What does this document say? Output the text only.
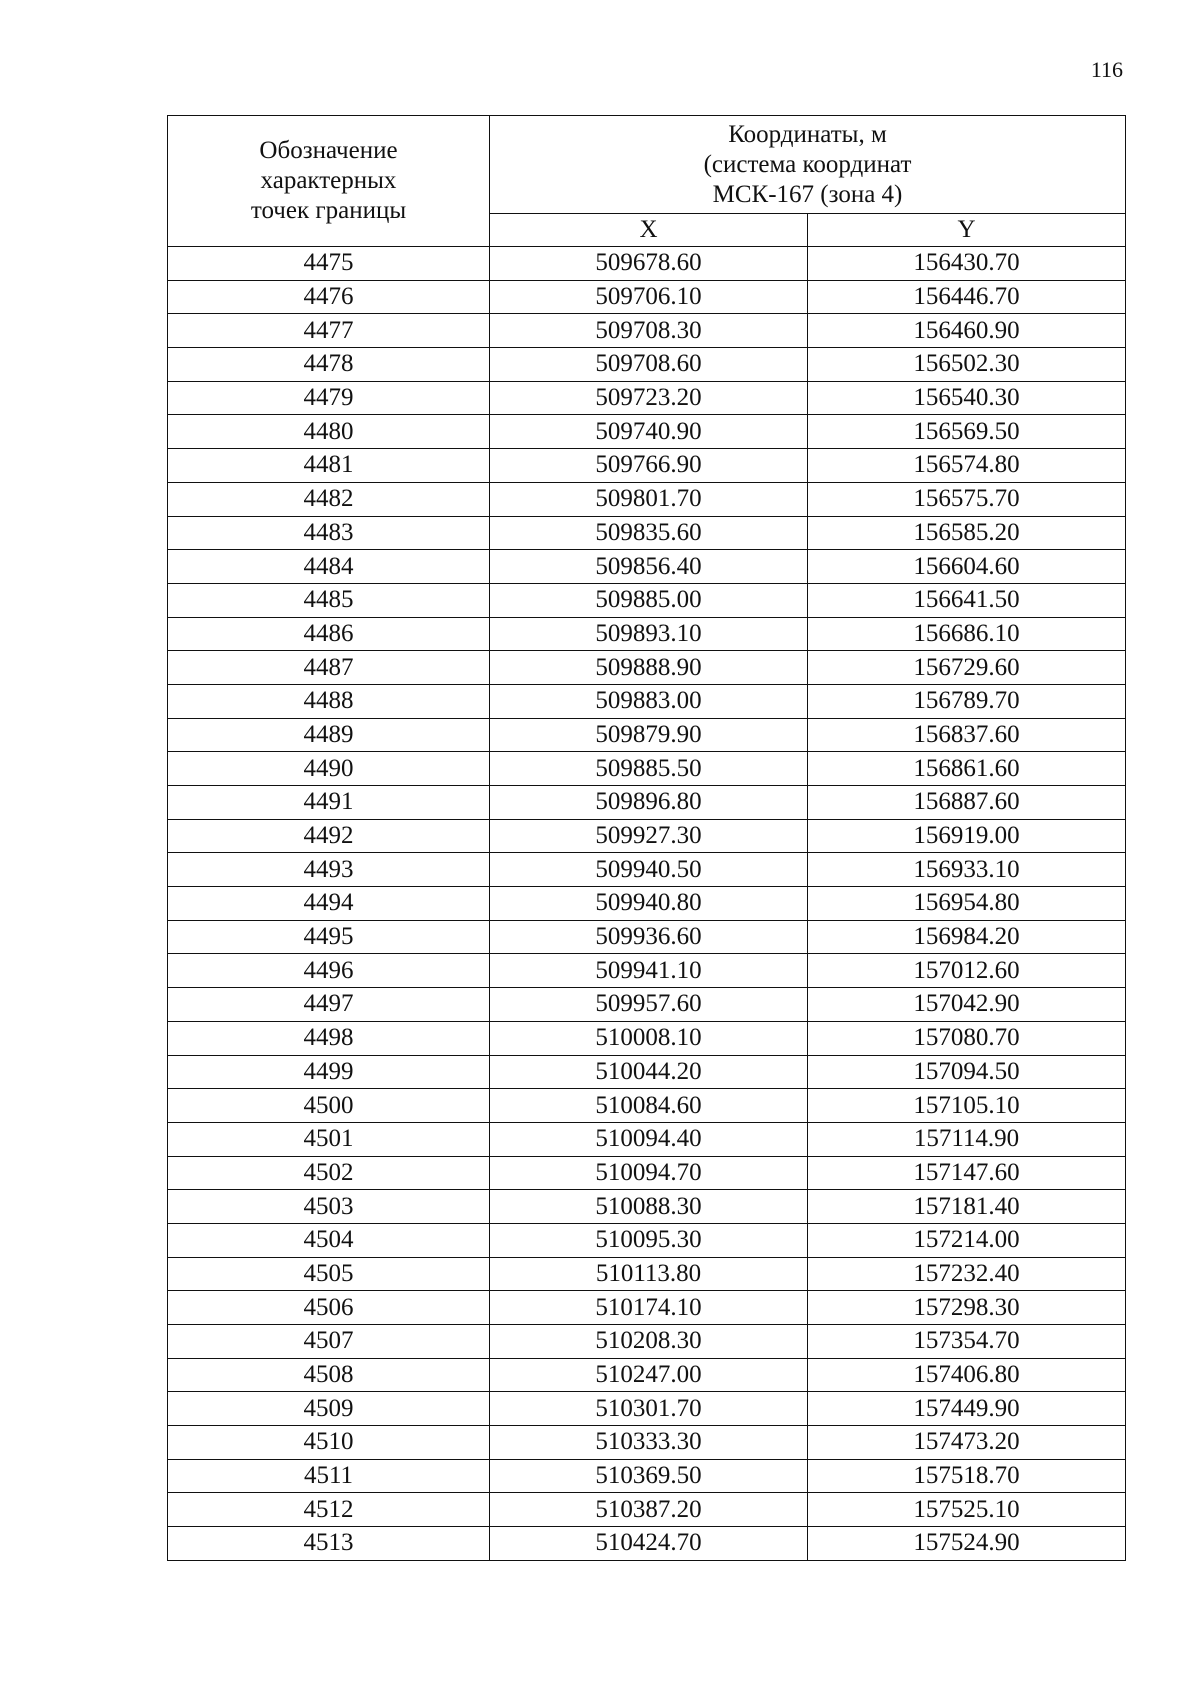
116
Обозначение
характерных
точек границы	Координаты, м
(система координат
МСК-167 (зона 4)	

	X	Y
4475	509678.60	156430.70
4476	509706.10	156446.70
4477	509708.30	156460.90
4478	509708.60	156502.30
4479	509723.20	156540.30
4480	509740.90	156569.50
4481	509766.90	156574.80
4482	509801.70	156575.70
4483	509835.60	156585.20
4484	509856.40	156604.60
4485	509885.00	156641.50
4486	509893.10	156686.10
4487	509888.90	156729.60
4488	509883.00	156789.70
4489	509879.90	156837.60
4490	509885.50	156861.60
4491	509896.80	156887.60
4492	509927.30	156919.00
4493	509940.50	156933.10
4494	509940.80	156954.80
4495	509936.60	156984.20
4496	509941.10	157012.60
4497	509957.60	157042.90
4498	510008.10	157080.70
4499	510044.20	157094.50
4500	510084.60	157105.10
4501	510094.40	157114.90
4502	510094.70	157147.60
4503	510088.30	157181.40
4504	510095.30	157214.00
4505	510113.80	157232.40
4506	510174.10	157298.30
4507	510208.30	157354.70
4508	510247.00	157406.80
4509	510301.70	157449.90
4510	510333.30	157473.20
4511	510369.50	157518.70
4512	510387.20	157525.10
4513	510424.70	157524.90
